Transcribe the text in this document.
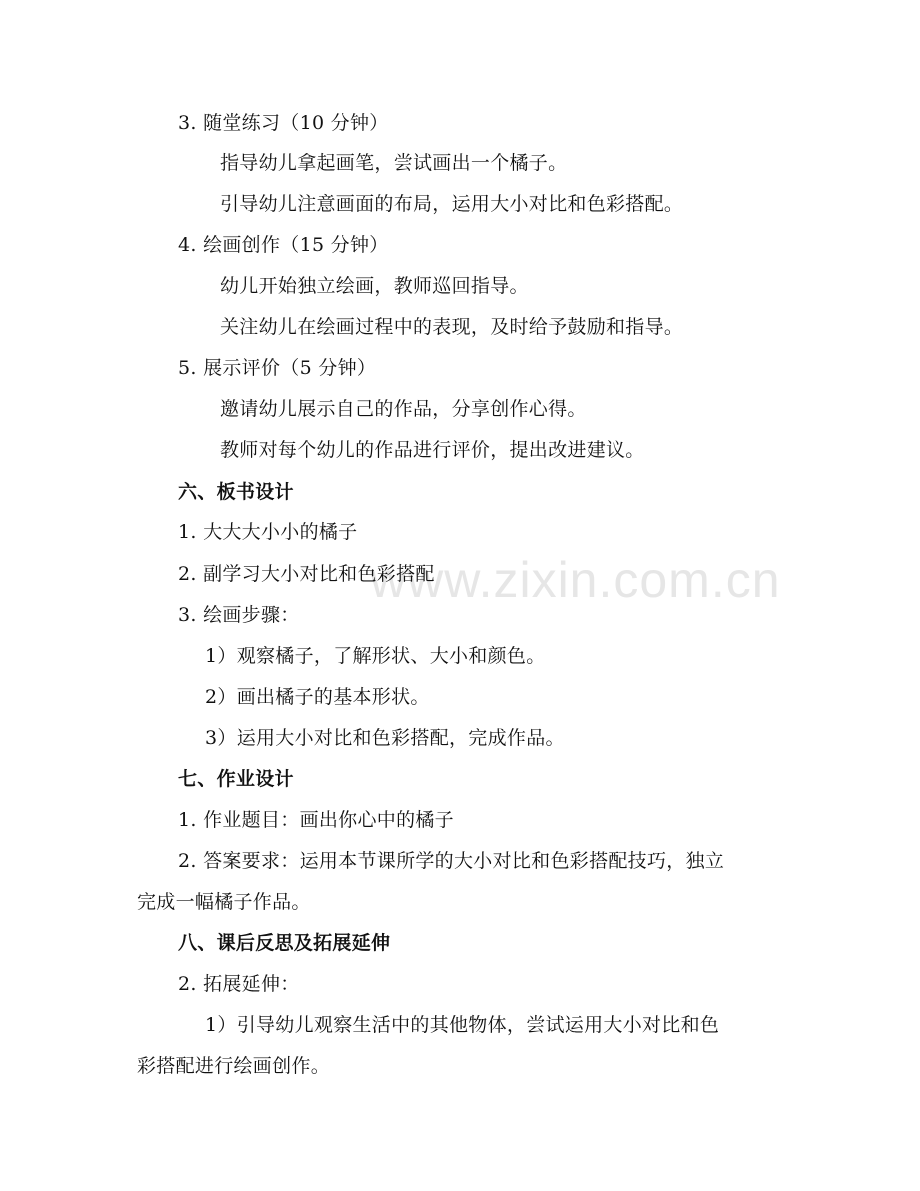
www.zixin.com.cn
3. 随堂练习（10 分钟）
指导幼儿拿起画笔，尝试画出一个橘子。
引导幼儿注意画面的布局，运用大小对比和色彩搭配。
4. 绘画创作（15 分钟）
幼儿开始独立绘画，教师巡回指导。
关注幼儿在绘画过程中的表现，及时给予鼓励和指导。
5. 展示评价（5 分钟）
邀请幼儿展示自己的作品，分享创作心得。
教师对每个幼儿的作品进行评价，提出改进建议。
六、板书设计
1. 大大大小小的橘子
2. 副学习大小对比和色彩搭配
3. 绘画步骤：
1）观察橘子，了解形状、大小和颜色。
2）画出橘子的基本形状。
3）运用大小对比和色彩搭配，完成作品。
七、作业设计
1. 作业题目：画出你心中的橘子
2. 答案要求：运用本节课所学的大小对比和色彩搭配技巧，独立
完成一幅橘子作品。
八、课后反思及拓展延伸
2. 拓展延伸：
1）引导幼儿观察生活中的其他物体，尝试运用大小对比和色
彩搭配进行绘画创作。
